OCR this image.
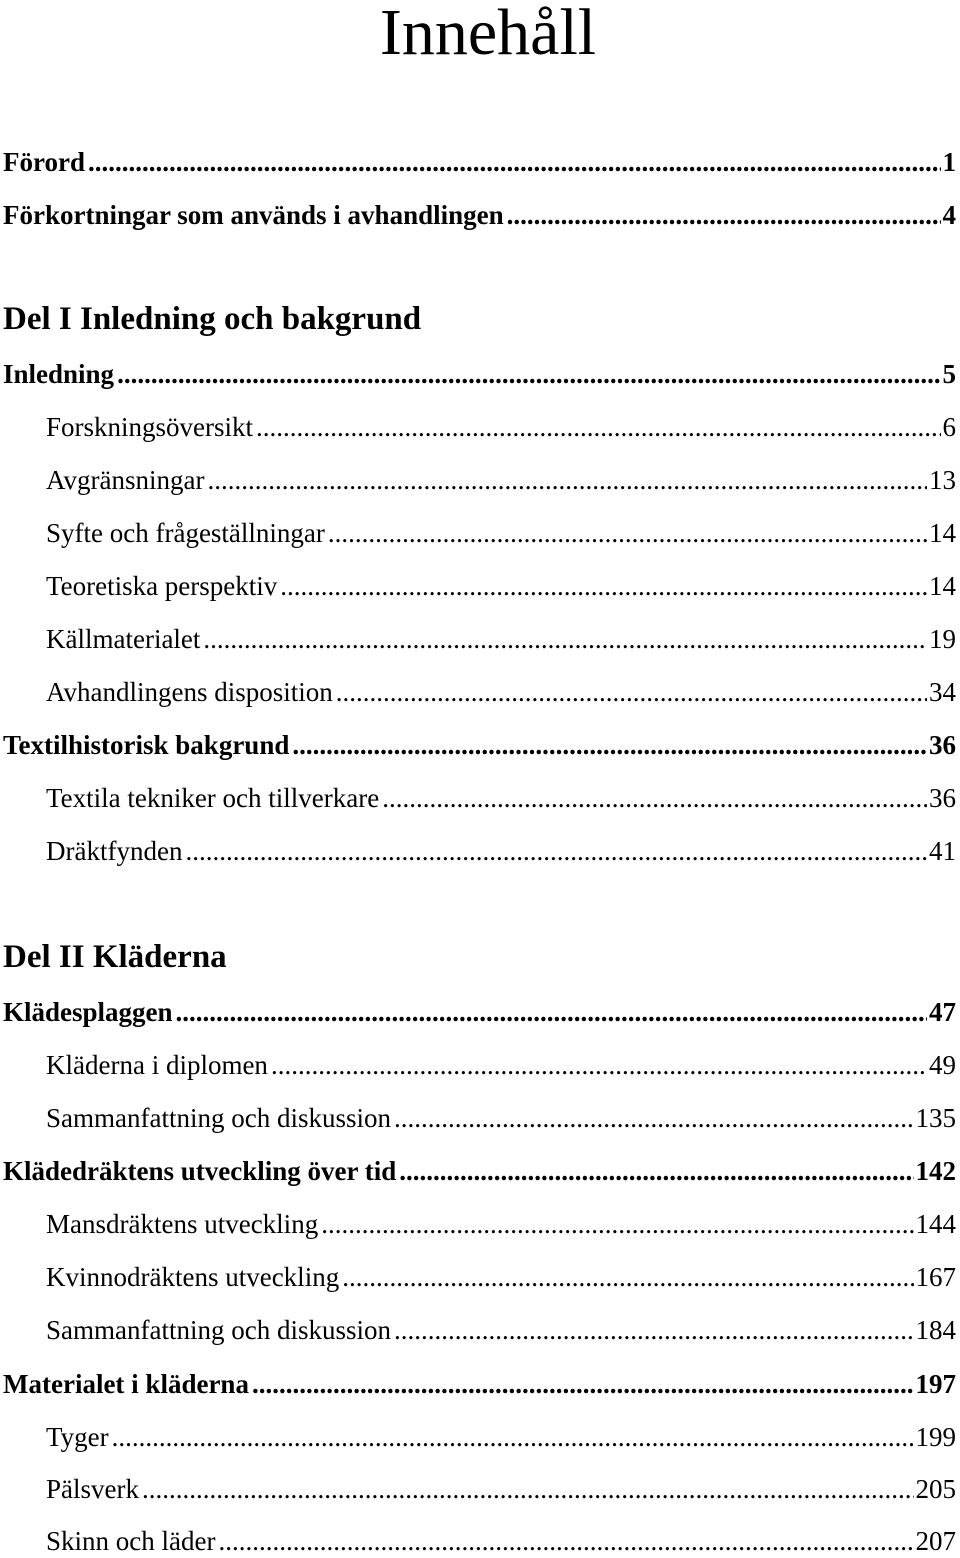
Innehåll
Förord .....	1
Förkortningar som används i avhandlingen .....	4
Del I Inledning och bakgrund
Inledning .....	5
Forskningsöversikt .....	6
Avgränsningar .....	13
Syfte och frågeställningar .....	14
Teoretiska perspektiv .....	14
Källmaterialet .....	19
Avhandlingens disposition .....	34
Textilhistorisk bakgrund .....	36
Textila tekniker och tillverkare .....	36
Dräktfynden .....	41
Del II Kläderna
Klädesplaggen .....	47
Kläderna i diplomen .....	49
Sammanfattning och diskussion .....	135
Klädedräktens utveckling över tid .....	142
Mansdräktens utveckling .....	144
Kvinnodräktens utveckling .....	167
Sammanfattning och diskussion .....	184
Materialet i kläderna .....	197
Tyger .....	199
Pälsverk .....	205
Skinn och läder .....	207
